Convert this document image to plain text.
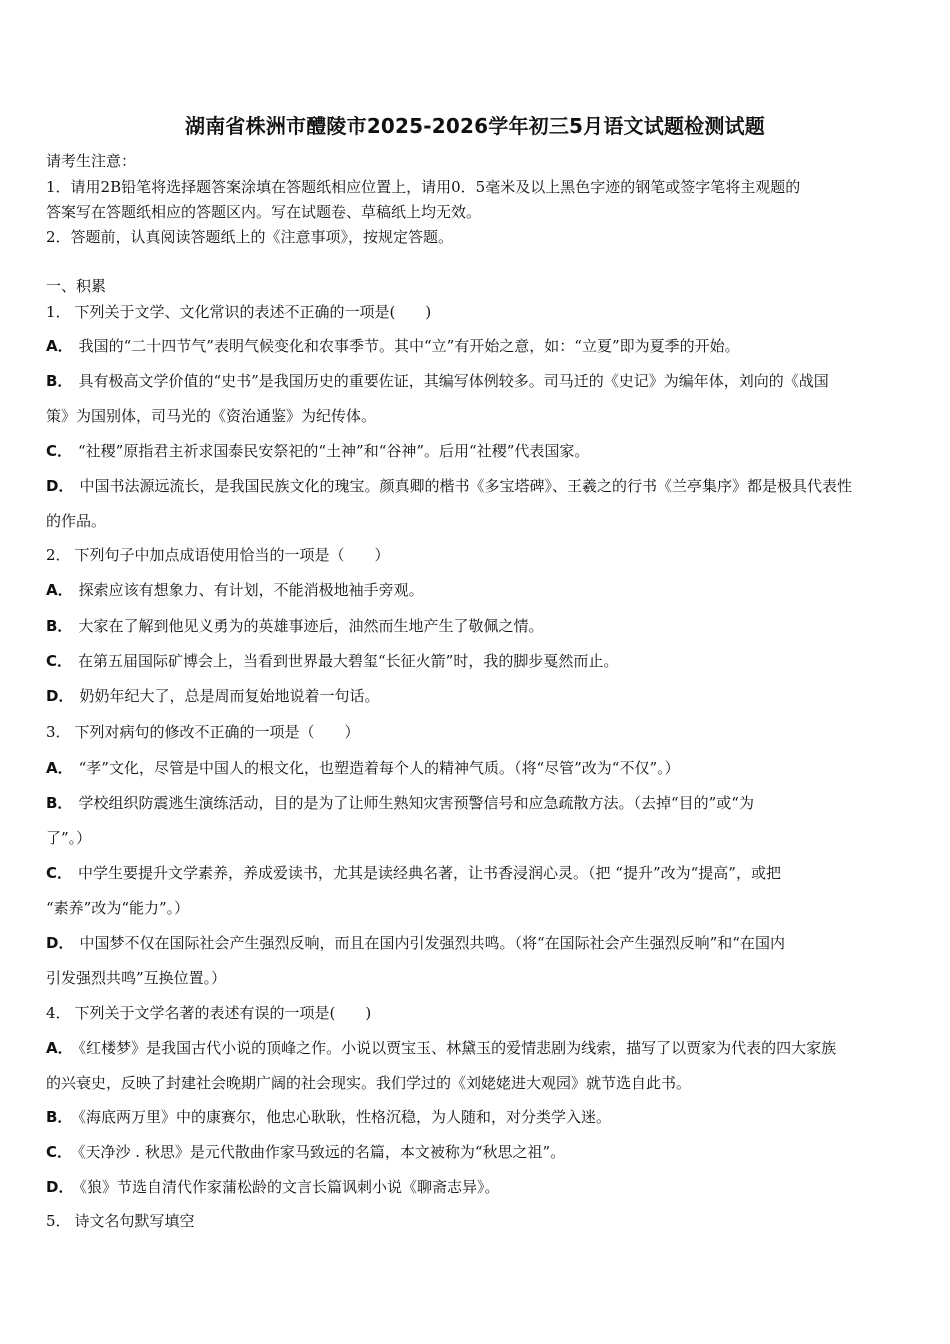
湖南省株洲市醴陵市2025-2026学年初三5月语文试题检测试题
请考生注意：
1．请用2B铅笔将选择题答案涂填在答题纸相应位置上，请用0．5毫米及以上黑色字迹的钢笔或签字笔将主观题的
答案写在答题纸相应的答题区内。写在试题卷、草稿纸上均无效。
2．答题前，认真阅读答题纸上的《注意事项》，按规定答题。
一、积累
1． 下列关于文学、文化常识的表述不正确的一项是(　　)
A． 我国的“二十四节气”表明气候变化和农事季节。其中“立”有开始之意，如：“立夏”即为夏季的开始。
B． 具有极高文学价值的“史书”是我国历史的重要佐证，其编写体例较多。司马迁的《史记》为编年体，刘向的《战国
策》为国别体，司马光的《资治通鉴》为纪传体。
C． “社稷”原指君主祈求国泰民安祭祀的“土神”和“谷神”。后用“社稷”代表国家。
D． 中国书法源远流长，是我国民族文化的瑰宝。颜真卿的楷书《多宝塔碑》、王羲之的行书《兰亭集序》都是极具代表性
的作品。
2． 下列句子中加点成语使用恰当的一项是（　　）
A． 探索应该有想象力、有计划，不能消极地袖手旁观。
B． 大家在了解到他见义勇为的英雄事迹后，油然而生地产生了敬佩之情。
C． 在第五届国际矿博会上，当看到世界最大碧玺“长征火箭”时，我的脚步戛然而止。
D． 奶奶年纪大了，总是周而复始地说着一句话。
3． 下列对病句的修改不正确的一项是（　　）
A． “孝”文化，尽管是中国人的根文化，也塑造着每个人的精神气质。（将“尽管”改为“不仅”。）
B． 学校组织防震逃生演练活动，目的是为了让师生熟知灾害预警信号和应急疏散方法。（去掉“目的”或“为
了”。）
C． 中学生要提升文学素养，养成爱读书，尤其是读经典名著，让书香浸润心灵。（把 “提升”改为“提高”，或把
“素养”改为“能力”。）
D． 中国梦不仅在国际社会产生强烈反响，而且在国内引发强烈共鸣。（将“在国际社会产生强烈反响”和“在国内
引发强烈共鸣”互换位置。）
4． 下列关于文学名著的表述有误的一项是(　　)
A． 《红楼梦》是我国古代小说的顶峰之作。小说以贾宝玉、林黛玉的爱情悲剧为线索，描写了以贾家为代表的四大家族
的兴衰史，反映了封建社会晚期广阔的社会现实。我们学过的《刘姥姥进大观园》就节选自此书。
B． 《海底两万里》中的康赛尔，他忠心耿耿，性格沉稳，为人随和，对分类学入迷。
C． 《天净沙 . 秋思》是元代散曲作家马致远的名篇，本文被称为“秋思之祖”。
D． 《狼》节选自清代作家蒲松龄的文言长篇讽刺小说《聊斋志异》。
5． 诗文名句默写填空
